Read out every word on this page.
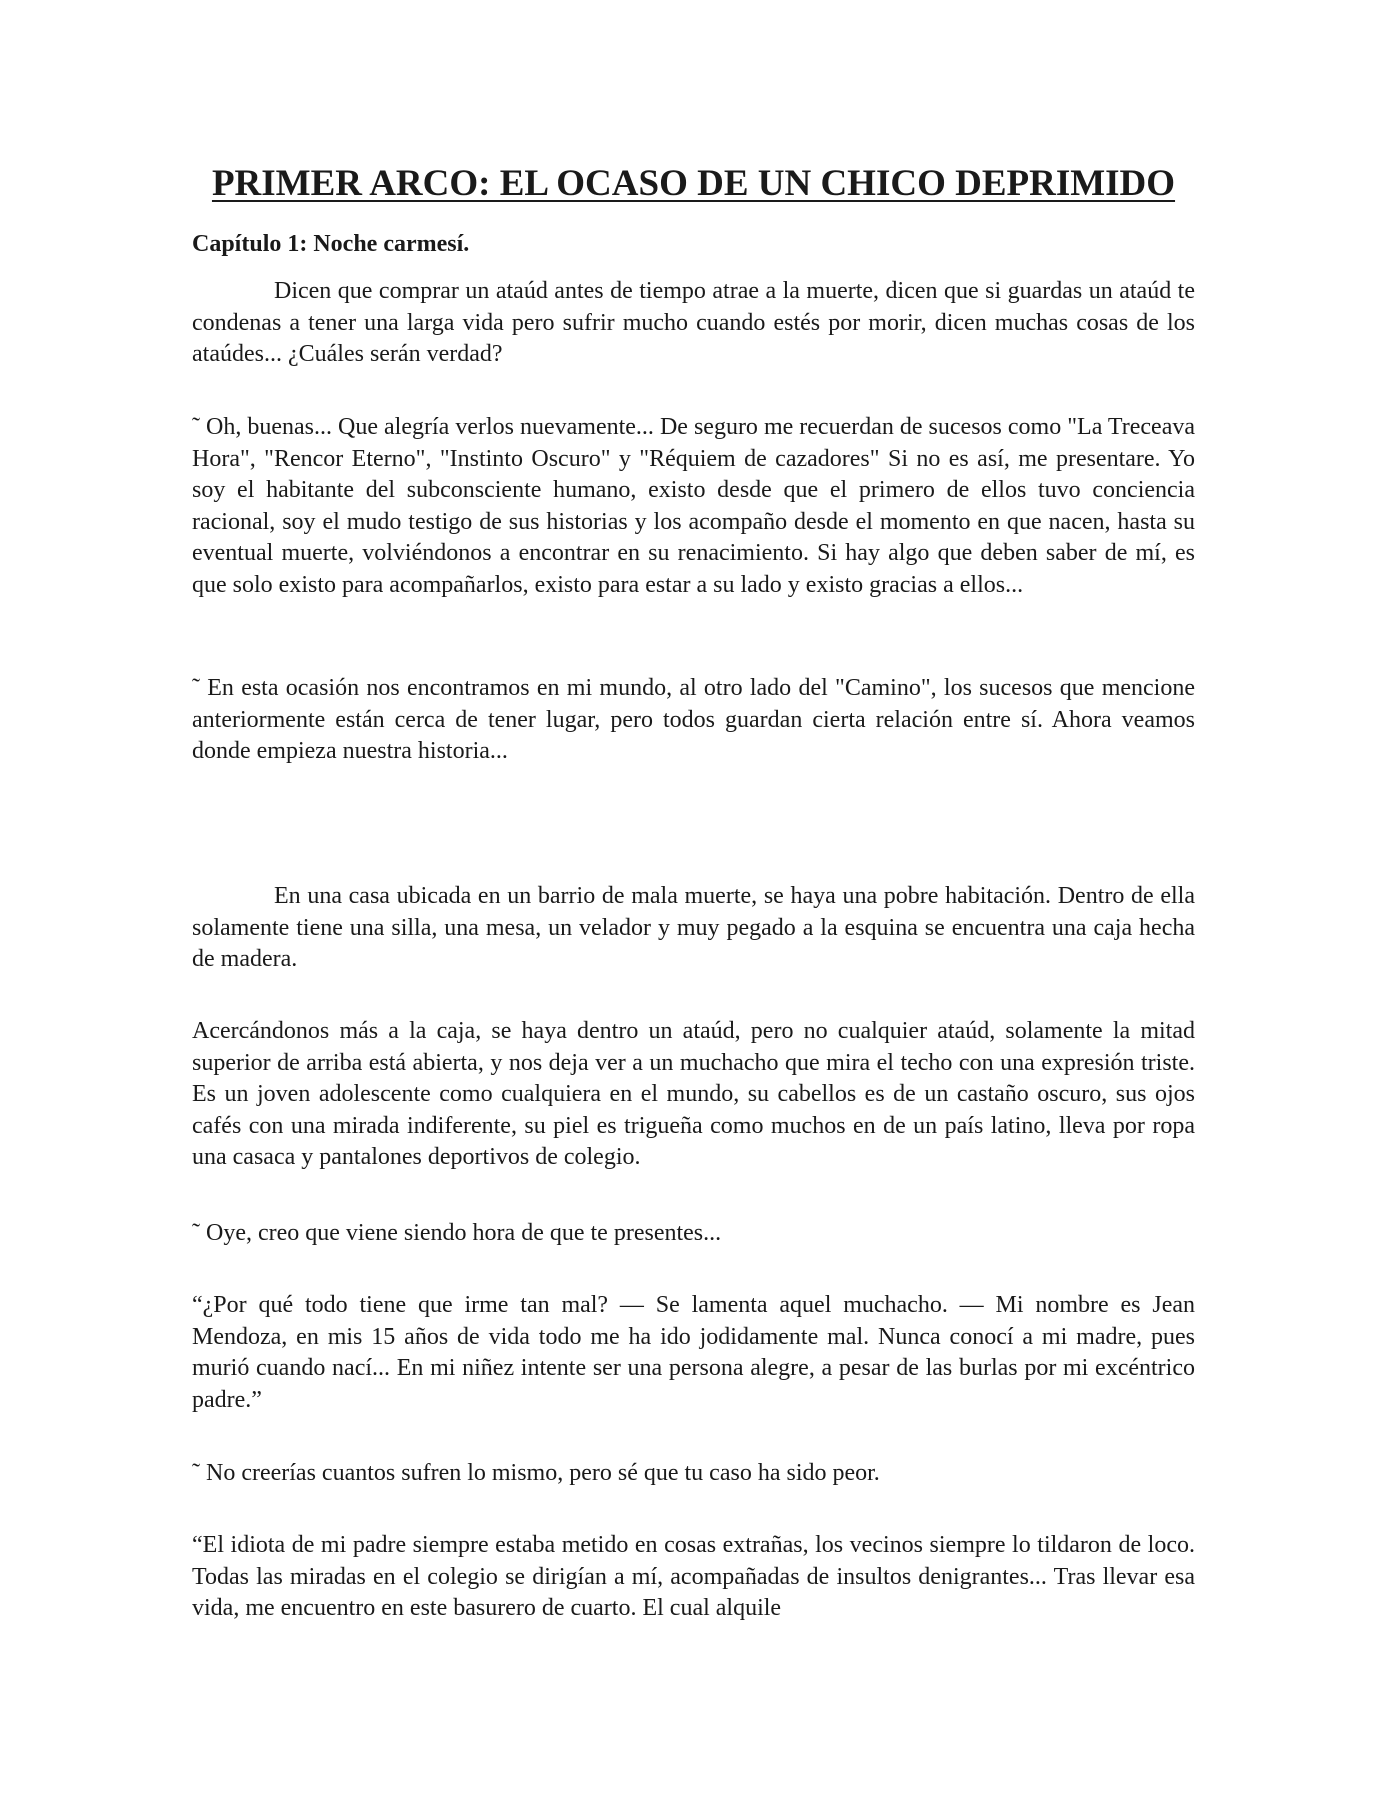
PRIMER ARCO: EL OCASO DE UN CHICO DEPRIMIDO
Capítulo 1: Noche carmesí.

Dicen que comprar un ataúd antes de tiempo atrae a la muerte, dicen que si guardas un ataúd te condenas a tener una larga vida pero sufrir mucho cuando estés por morir, dicen muchas cosas de los ataúdes... ¿Cuáles serán verdad?

˜ Oh, buenas... Que alegría verlos nuevamente... De seguro me recuerdan de sucesos como "La Treceava Hora", "Rencor Eterno", "Instinto Oscuro" y "Réquiem de cazadores" Si no es así, me presentare. Yo soy el habitante del subconsciente humano, existo desde que el primero de ellos tuvo conciencia racional, soy el mudo testigo de sus historias y los acompaño desde el momento en que nacen, hasta su eventual muerte, volviéndonos a encontrar en su renacimiento. Si hay algo que deben saber de mí, es que solo existo para acompañarlos, existo para estar a su lado y existo gracias a ellos...

˜ En esta ocasión nos encontramos en mi mundo, al otro lado del "Camino", los sucesos que mencione anteriormente están cerca de tener lugar, pero todos guardan cierta relación entre sí. Ahora veamos donde empieza nuestra historia...

En una casa ubicada en un barrio de mala muerte, se haya una pobre habitación. Dentro de ella solamente tiene una silla, una mesa, un velador y muy pegado a la esquina se encuentra una caja hecha de madera.

Acercándonos más a la caja, se haya dentro un ataúd, pero no cualquier ataúd, solamente la mitad superior de arriba está abierta, y nos deja ver a un muchacho que mira el techo con una expresión triste. Es un joven adolescente como cualquiera en el mundo, su cabellos es de un castaño oscuro, sus ojos cafés con una mirada indiferente, su piel es trigueña como muchos en de un país latino, lleva por ropa una casaca y pantalones deportivos de colegio.

˜ Oye, creo que viene siendo hora de que te presentes...

“¿Por qué todo tiene que irme tan mal? — Se lamenta aquel muchacho. — Mi nombre es Jean Mendoza, en mis 15 años de vida todo me ha ido jodidamente mal. Nunca conocí a mi madre, pues murió cuando nací... En mi niñez intente ser una persona alegre, a pesar de las burlas por mi excéntrico padre.”

˜ No creerías cuantos sufren lo mismo, pero sé que tu caso ha sido peor.

“El idiota de mi padre siempre estaba metido en cosas extrañas, los vecinos siempre lo tildaron de loco. Todas las miradas en el colegio se dirigían a mí, acompañadas de insultos denigrantes... Tras llevar esa vida, me encuentro en este basurero de cuarto. El cual alquile
